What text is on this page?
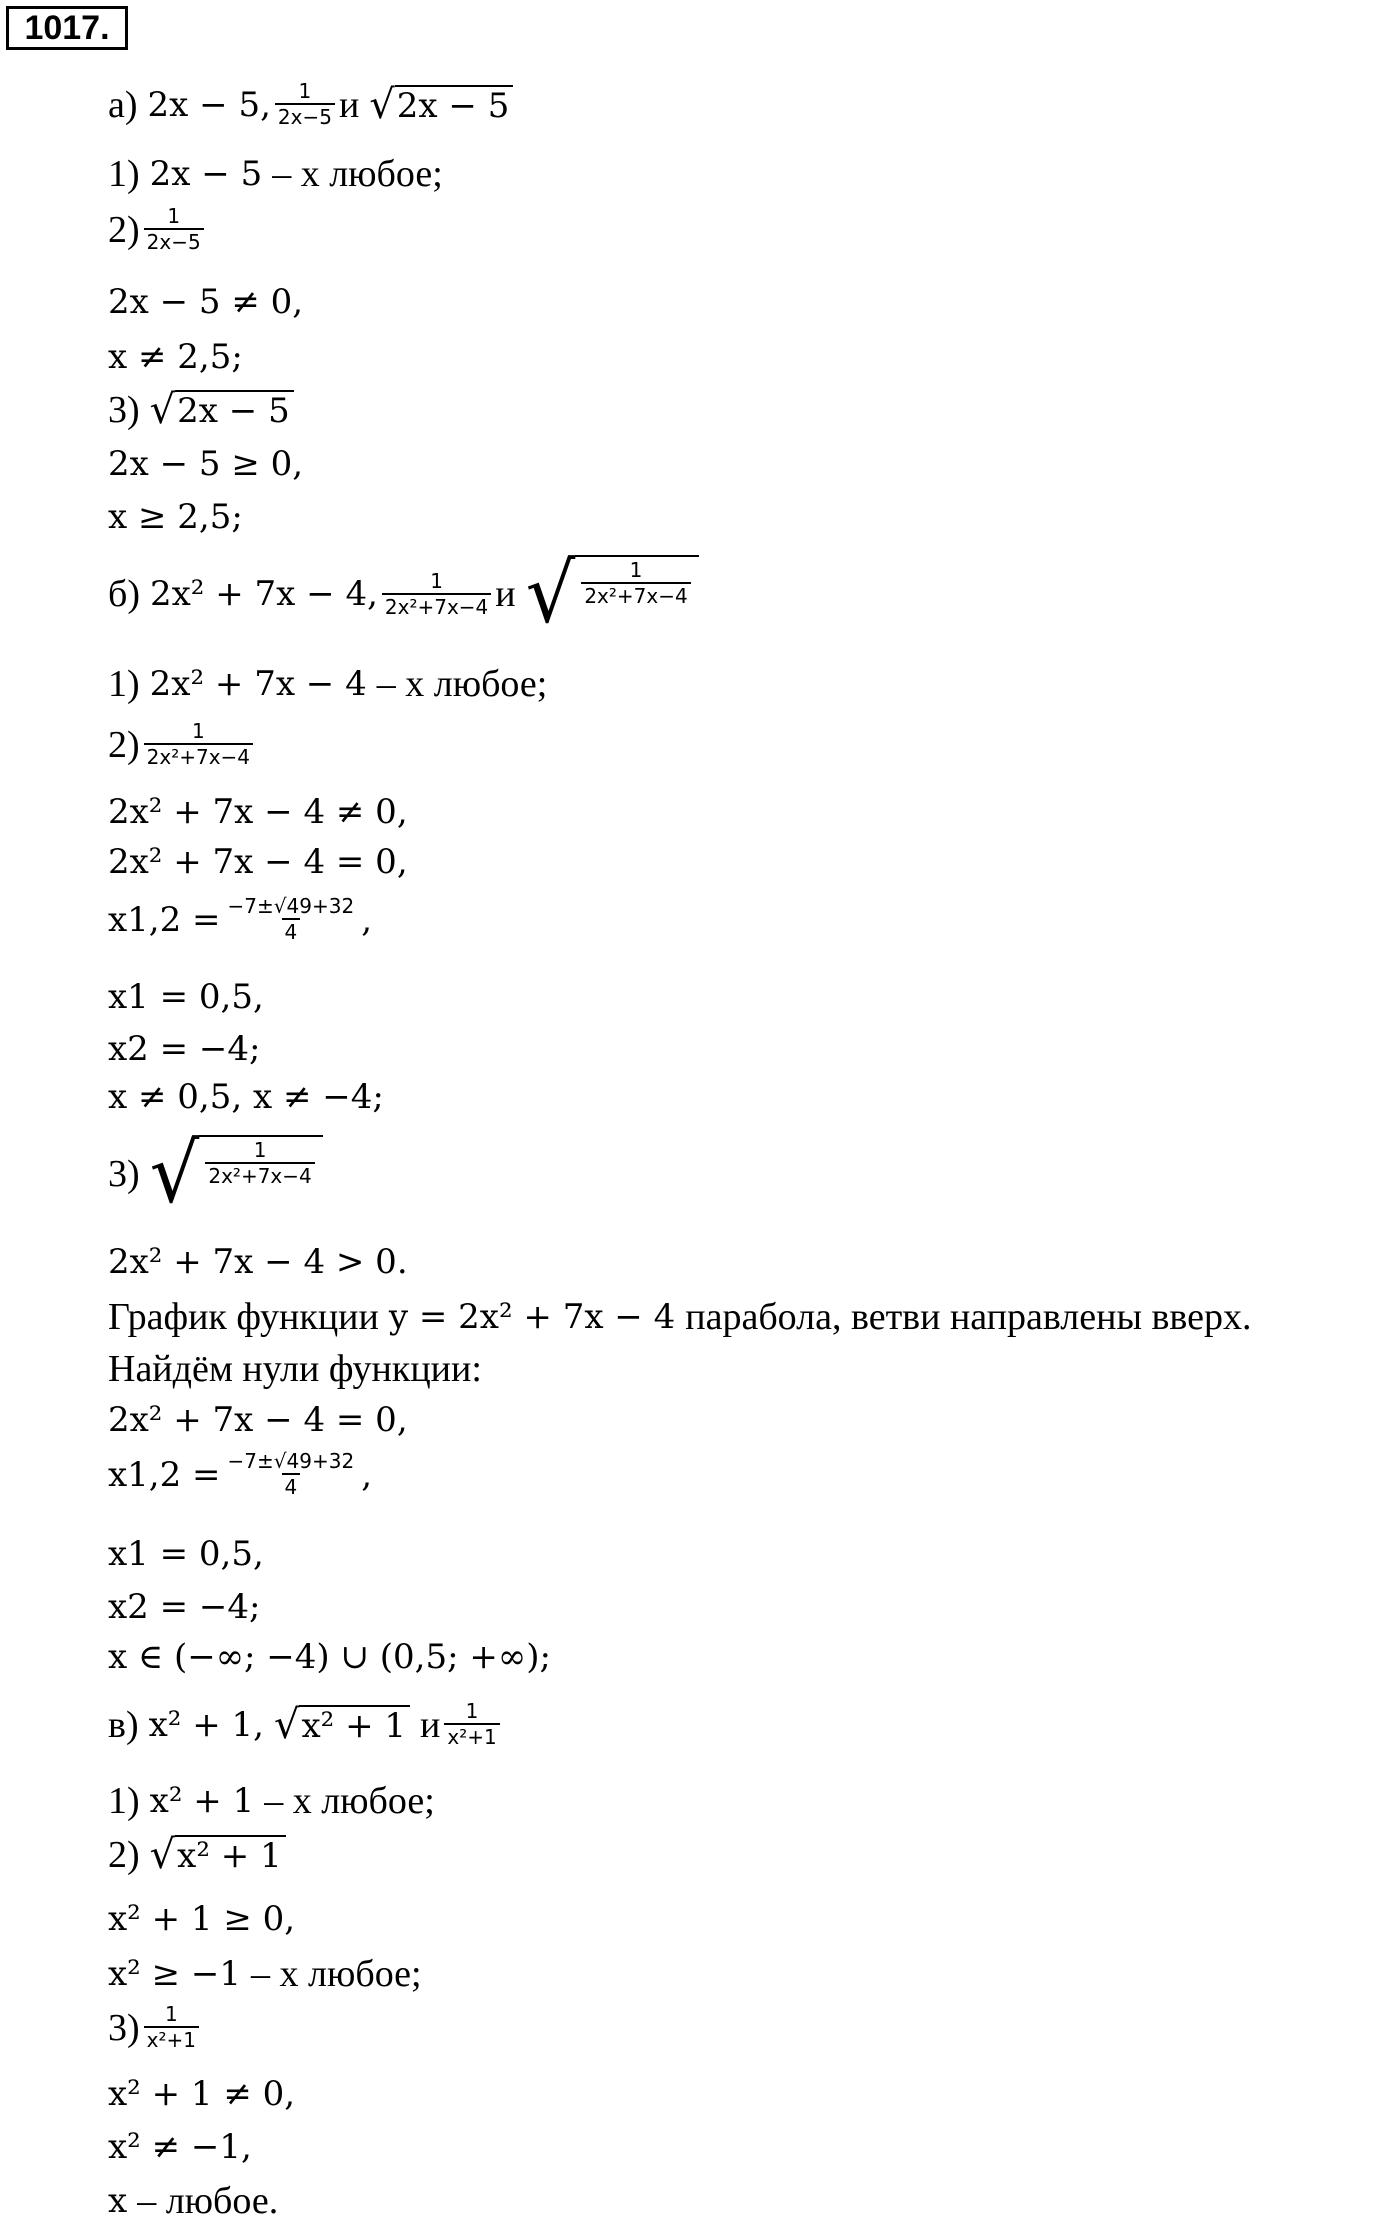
1017.
а) 2x − 5, $\frac{1}{2x-5}$ и √ 2x − 5
1) 2x − 5 – x любое;
$2) \frac{1}{2x-5}$
2x − 5 ≠ 0,
x ≠ 2,5;
3) √ 2x − 5
2x − 5 ≥ 0,
x ≥ 2,5;
б) 2x² + 7x − 4, $\frac{1}{\text{2x²+7x−4}}$ и √ $\frac{1}{\text{2x²+7x−4}}$
1) 2x² + 7x − 4 – x любое;
$2) \frac{1}{\text{2x²+7x−4}}$
2x² + 7x − 4 ≠ 0,
2x² + 7x − 4 = 0,
$x1,2 = \frac{-7\pm√49+32}{4}$ ,
x1 = 0,5,
x2 = −4;
x ≠ 0,5, x ≠ −4;
3) √ $\frac{1}{\text{2x²+7x−4}}$
2x² + 7x − 4 > 0.
График функции y = 2x² + 7x − 4 парабола, ветви направлены вверх.
Найдём нули функции:
2x² + 7x − 4 = 0,
$x1,2 = \frac{-7\pm√49+32}{4}$ ,
x1 = 0,5,
x2 = −4;
x ∈ (−∞; −4) ∪ (0,5; +∞);
в) x² + 1, √ x² + 1 и $\frac{1}{\text{x²+1}}$
1) x² + 1 – x любое;
2) √ x² + 1
x² + 1 ≥ 0,
x² ≥ −1 – x любое;
$3) \frac{1}{\text{x²+1}}$
x² + 1 ≠ 0,
x² ≠ −1,
x – любое.
